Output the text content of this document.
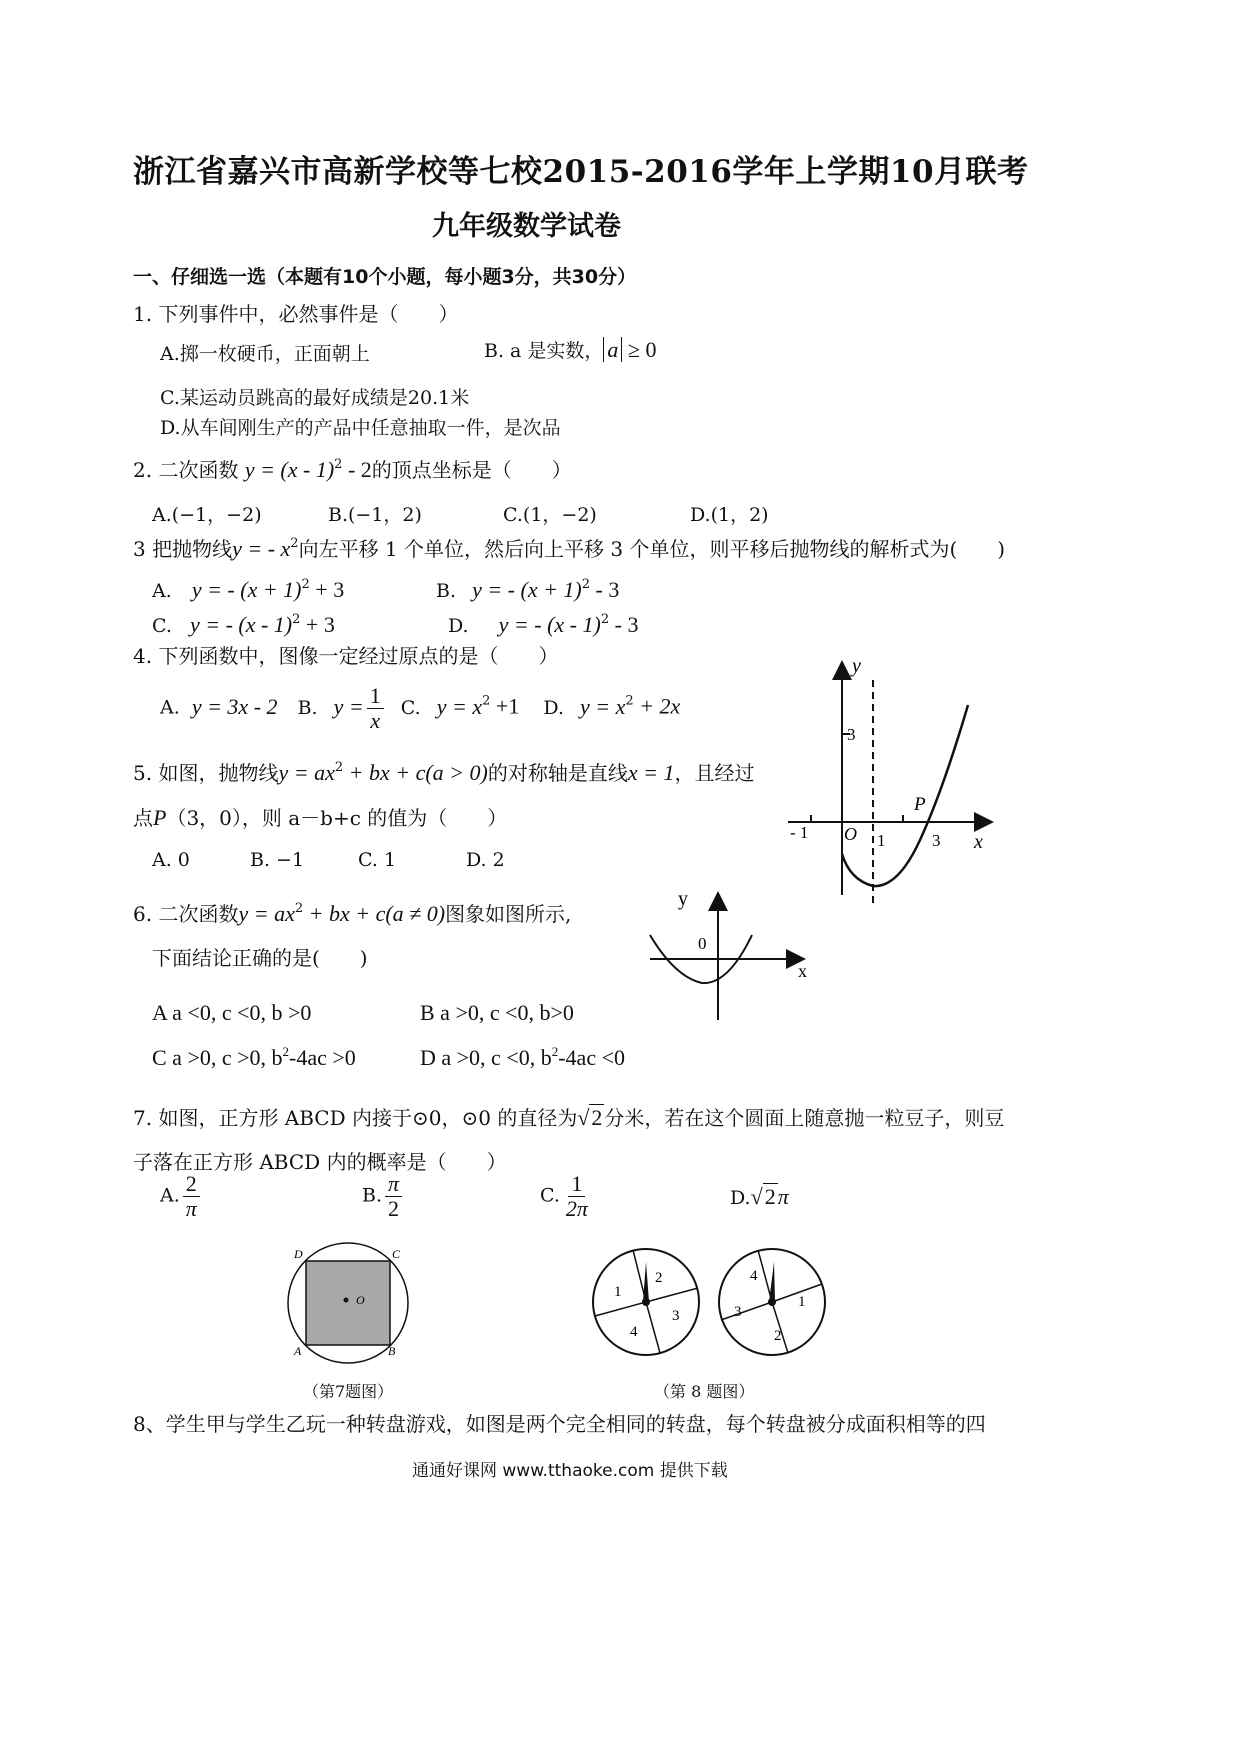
浙江省嘉兴市高新学校等七校2015-2016学年上学期10月联考
九年级数学试卷
一、仔细选一选（本题有10个小题，每小题3分，共30分）
1. 下列事件中，必然事件是（　　）
A.掷一枚硬币，正面朝上	B. a 是实数， a ≥ 0
C.某运动员跳高的最好成绩是20.1米
D.从车间刚生产的产品中任意抽取一件，是次品
2. 二次函数 y = (x - 1)$^2$ - 2的顶点坐标是（　　）
A.(−1，−2)	B.(−1，2)	C.(1，−2)	D.(1，2)
3 把抛物线y = - $x^2$向左平移 1 个单位，然后向上平移 3 个单位，则平移后抛物线的解析式为(　　)
A. y = - $(x + 1)^2 + 3$	B. y = - $(x + 1)^2 - 3$
C. y = - (x - 1)$^2$ + 3	D. y = - (x - 1)$^2$ - 3
4. 下列函数中，图像一定经过原点的是（　　）
A. y = 3x - 2 B. $y = \frac{1}{x} C$. $y = x^2 +1$ D. $y = x^2 + 2x$
y
3
P
- 1 O 1	3 x
5. 如图，抛物线$y = ax^2$ + bx + c(a > 0)的对称轴是直线x = 1，且经过
点P（3，0），则 a－b+c 的值为（　　）
A. 0	B. −1	C. 1	D. 2
y
0
x
6. 二次函数$y = ax^2$ + bx + c(a ≠ 0)图象如图所示,
下面结论正确的是(　　)
A a <0, c <0, b >0	B a >0, c <0, b>0
C a >0, c >0, $b^2-4ac >0$	D a >0, c <0, $b^2-4ac <0$
7. 如图，正方形 ABCD 内接于⊙0，⊙0 的直径为√2 分米，若在这个圆面上随意抛一粒豆子，则豆
子落在正方形 ABCD 内的概率是（　　）
A. $\frac{2}{\pi}$	B. $\frac{\pi}{2}$	C. $\frac{1}{2\pi}$	D.√2π
D	C
A	B
O
（第7题图）
1
2
3
4
4
1
2
3
（第 8 题图）
8、学生甲与学生乙玩一种转盘游戏，如图是两个完全相同的转盘，每个转盘被分成面积相等的四
通通好课网 www.tthaoke.com 提供下载
